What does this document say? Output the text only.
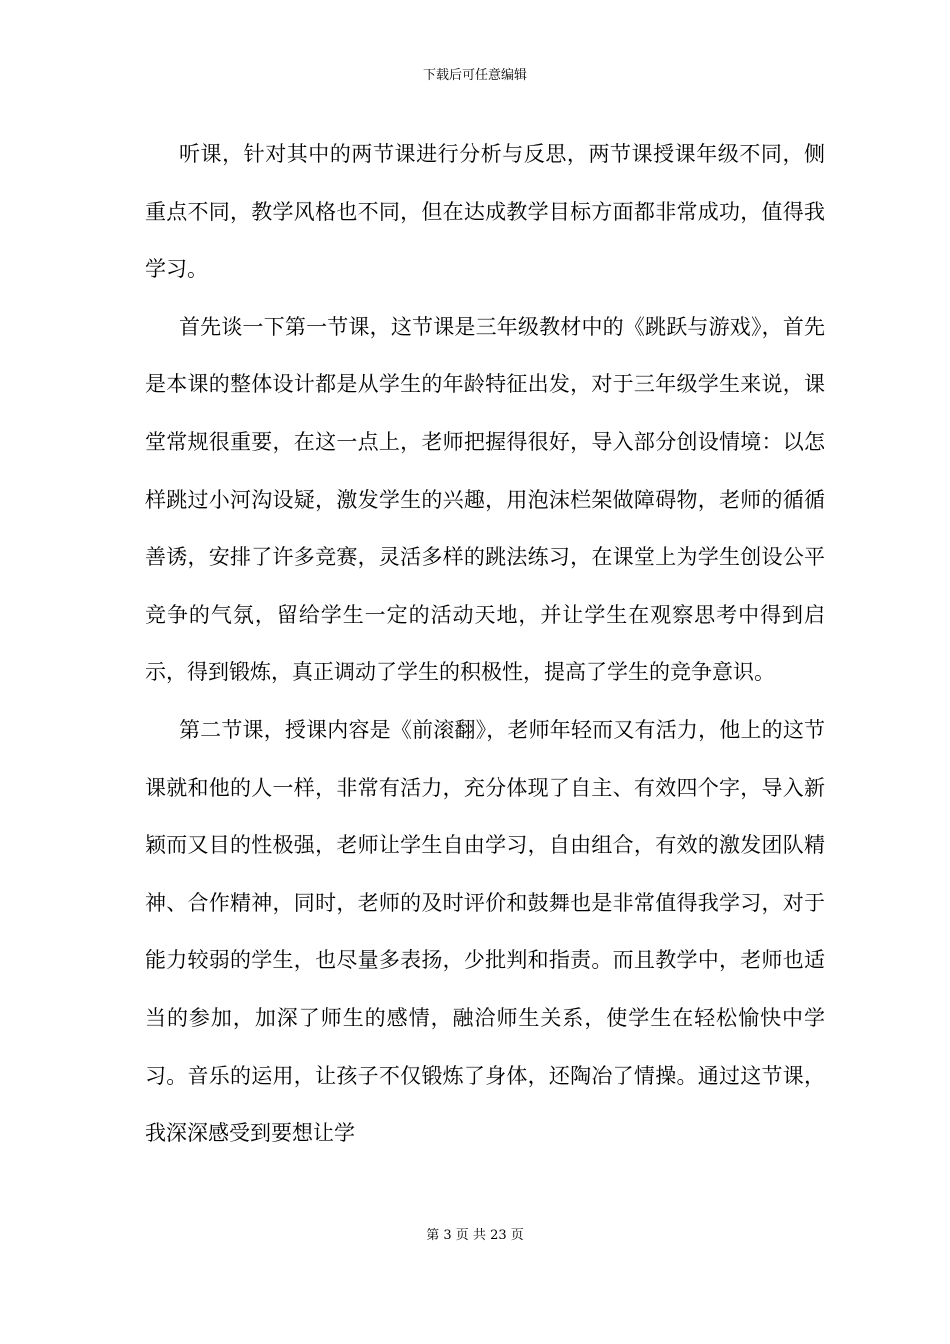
下载后可任意编辑

听课，针对其中的两节课进行分析与反思，两节课授课年级不同，侧重点不同，教学风格也不同，但在达成教学目标方面都非常成功，值得我学习。

首先谈一下第一节课，这节课是三年级教材中的《跳跃与游戏》，首先是本课的整体设计都是从学生的年龄特征出发，对于三年级学生来说，课堂常规很重要，在这一点上，老师把握得很好，导入部分创设情境：以怎样跳过小河沟设疑，激发学生的兴趣，用泡沫栏架做障碍物，老师的循循善诱，安排了许多竞赛，灵活多样的跳法练习，在课堂上为学生创设公平竞争的气氛，留给学生一定的活动天地，并让学生在观察思考中得到启示，得到锻炼，真正调动了学生的积极性，提高了学生的竞争意识。

第二节课，授课内容是《前滚翻》，老师年轻而又有活力，他上的这节课就和他的人一样，非常有活力，充分体现了自主、有效四个字，导入新颖而又目的性极强，老师让学生自由学习，自由组合，有效的激发团队精神、合作精神，同时，老师的及时评价和鼓舞也是非常值得我学习，对于能力较弱的学生，也尽量多表扬，少批判和指责。而且教学中，老师也适当的参加，加深了师生的感情，融洽师生关系，使学生在轻松愉快中学习。音乐的运用，让孩子不仅锻炼了身体，还陶冶了情操。通过这节课，我深深感受到要想让学

第 3 页 共 23 页
